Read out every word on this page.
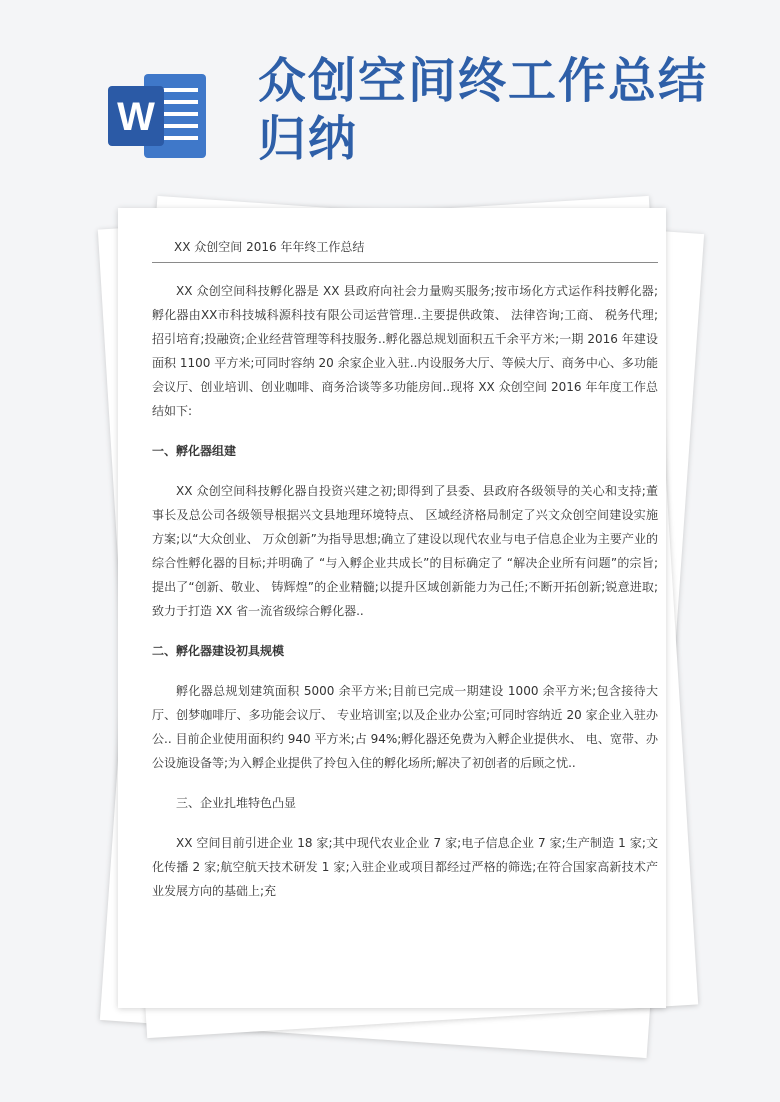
W
众创空间终工作总结归纳
XX 众创空间 2016 年年终工作总结

XX 众创空间科技孵化器是 XX 县政府向社会力量购买服务;按市场化方式运作科技孵化器;孵化器由XX市科技城科源科技有限公司运营管理..主要提供政策、 法律咨询;工商、 税务代理;招引培育;投融资;企业经营管理等科技服务..孵化器总规划面积五千余平方米;一期 2016 年建设面积 1100 平方米;可同时容纳 20 余家企业入驻..内设服务大厅、等候大厅、商务中心、多功能会议厅、创业培训、创业咖啡、商务洽谈等多功能房间..现将 XX 众创空间 2016 年年度工作总结如下:

一、孵化器组建

XX 众创空间科技孵化器自投资兴建之初;即得到了县委、县政府各级领导的关心和支持;董事长及总公司各级领导根据兴文县地理环境特点、 区域经济格局制定了兴文众创空间建设实施方案;以“大众创业、 万众创新”为指导思想;确立了建设以现代农业与电子信息企业为主要产业的综合性孵化器的目标;并明确了 “与入孵企业共成长”的目标确定了 “解决企业所有问题”的宗旨;提出了“创新、敬业、 铸辉煌”的企业精髓;以提升区域创新能力为己任;不断开拓创新;锐意进取;致力于打造 XX 省一流省级综合孵化器..

二、孵化器建设初具规模

孵化器总规划建筑面积 5000 余平方米;目前已完成一期建设 1000 余平方米;包含接待大厅、创梦咖啡厅、多功能会议厅、 专业培训室;以及企业办公室;可同时容纳近 20 家企业入驻办公.. 目前企业使用面积约 940 平方米;占 94%;孵化器还免费为入孵企业提供水、 电、宽带、办公设施设备等;为入孵企业提供了拎包入住的孵化场所;解决了初创者的后顾之忧..

三、企业扎堆特色凸显

XX 空间目前引进企业 18 家;其中现代农业企业 7 家;电子信息企业 7 家;生产制造 1 家;文化传播 2 家;航空航天技术研发 1 家;入驻企业或项目都经过严格的筛选;在符合国家高新技术产业发展方向的基础上;充
